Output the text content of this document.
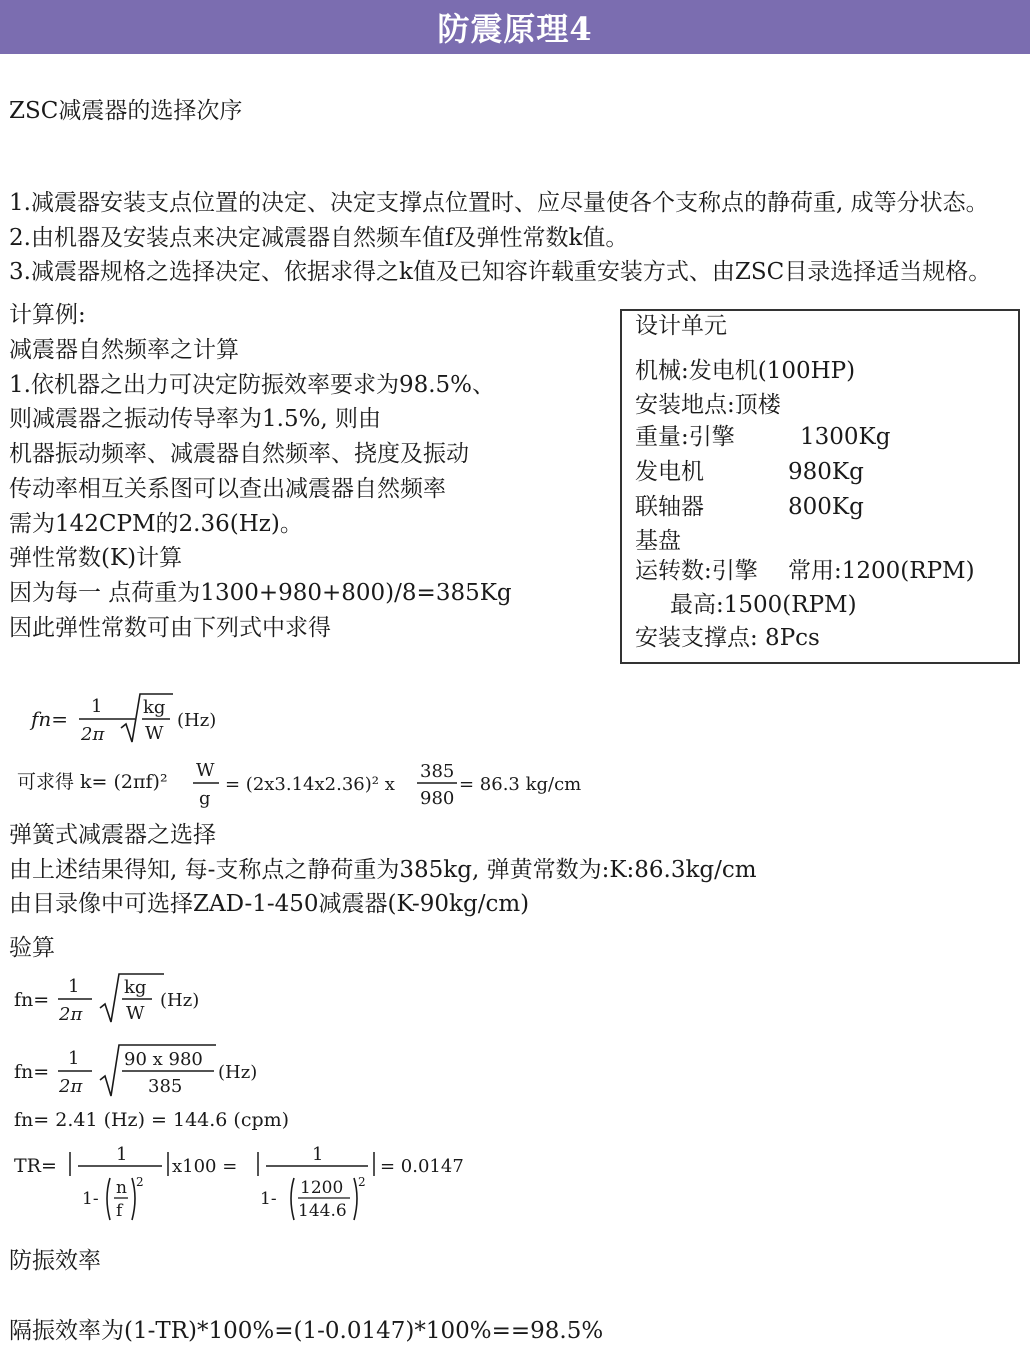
防震原理4
ZSC减震器的选择次序
1.减震器安装支点位置的决定、决定支撑点位置时、应尽量使各个支称点的静荷重, 成等分状态。
2.由机器及安装点来决定减震器自然频车值f及弹性常数k值。
3.减震器规格之选择决定、依据求得之k值及已知容许载重安装方式、由ZSC目录选择适当规格。
计算例:
减震器自然频率之计算
1.依机器之出力可决定防振效率要求为98.5%、
则减震器之振动传导率为1.5%, 则由
机器振动频率、减震器自然频率、挠度及振动
传动率相互关系图可以查出减震器自然频率
需为142CPM的2.36(Hz)。
弹性常数(K)计算
因为每一 点荷重为1300+980+800)/8=385Kg
因此弹性常数可由下列式中求得
设计单元
机械:发电机(100HP)
安装地点:顶楼
重量:引擎	1300Kg
发电机	980Kg
联轴器	800Kg
基盘
运转数:引擎 常用:1200(RPM)
最高:1500(RPM)
安装支撑点: 8Pcs
fn=
1
2π
kg
W
(Hz)
可求得 k= (2πf)²
W
g
= (2x3.14x2.36)² x
385
980
= 86.3 kg/cm
弹簧式减震器之选择
由上述结果得知, 每-支称点之静荷重为385kg, 弹黄常数为:K:86.3kg/cm
由目录像中可选择ZAD-1-450减震器(K-90kg/cm)
验算
fn=
1
2π
kg
W
(Hz)
fn=
1
2π
90 x 980
385
(Hz)
fn= 2.41 (Hz) = 144.6 (cpm)
TR=
1
1-
n
f
2
x100 =
1
1-
1200
144.6
2
= 0.0147
防振效率
隔振效率为(1-TR)*100%=(1-0.0147)*100%==98.5%
